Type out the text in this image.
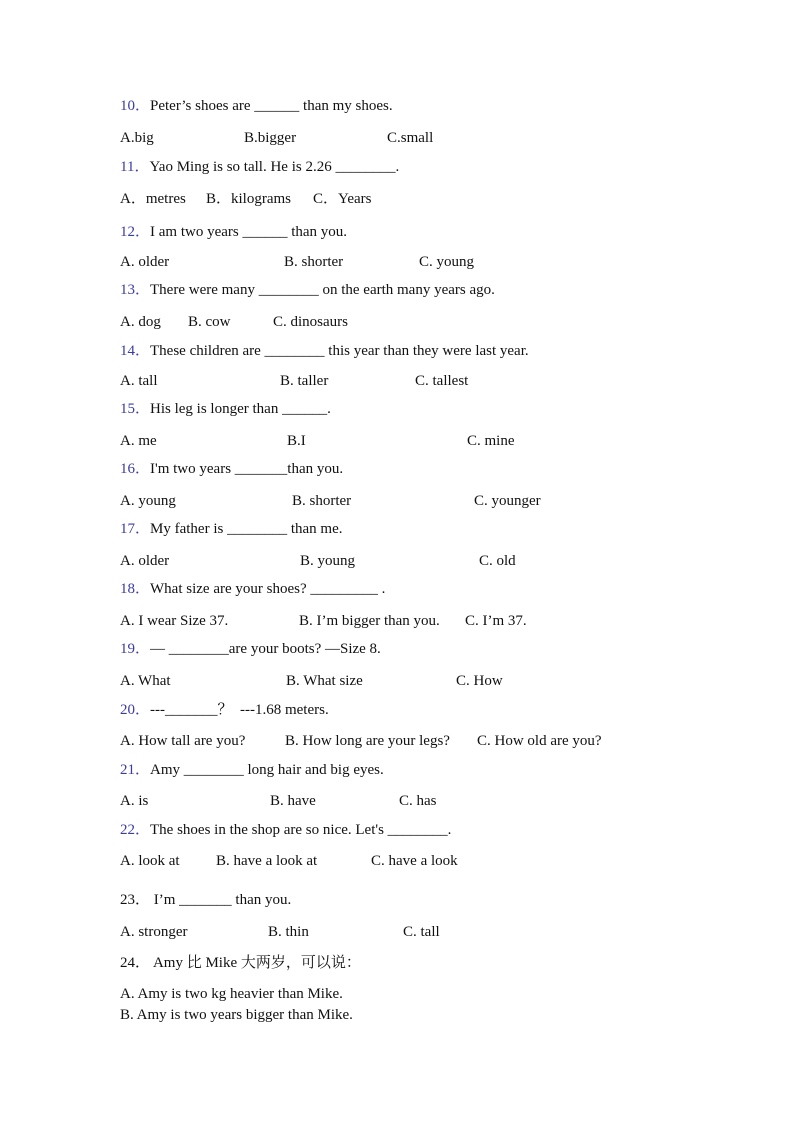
10．Peter’s shoes are ______ than my shoes.
A.big	B.bigger	C.small
11．Yao Ming is so tall. He is 2.26 ________.
A．metres B．kilograms C．Years
12．I am two years ______ than you.
A. older	B. shorter	C. young
13．There were many ________ on the earth many years ago.
A. dog B. cow	C. dinosaurs
14．These children are ________ this year than they were last year.
A. tall	B. taller	C. tallest
15．His leg is longer than ______.
A. me	B.I	C. mine
16．I'm two years _______than you.
A. young	B. shorter	C. younger
17．My father is ________ than me.
A. older	B. young	C. old
18．What size are your shoes? _________ .
A. I wear Size 37.	B. I’m bigger than you. C. I’m 37.
19．— ________are your boots? —Size 8.
A. What	B. What size	C. How
20．---_______？  ---1.68 meters.
A. How tall are you?	B. How long are your legs? C. How old are you?
21．Amy ________ long hair and big eyes.
A. is	B. have	C. has
22．The shoes in the shop are so nice. Let's ________.
A. look at B. have a look at	C. have a look
23． I’m _______ than you.
A. stronger	B. thin	C. tall
24． Amy 比 Mike 大两岁，可以说：
A. Amy is two kg heavier than Mike.
B. Amy is two years bigger than Mike.
